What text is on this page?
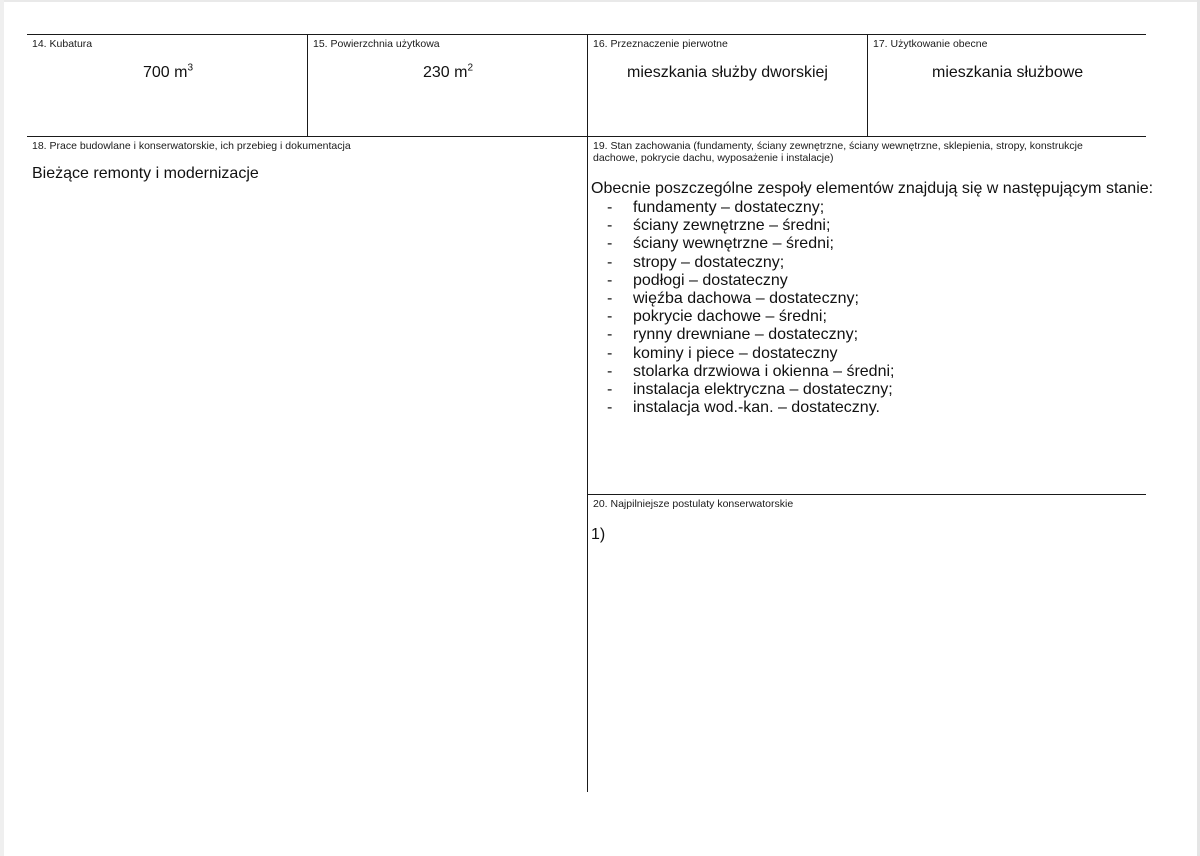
14. Kubatura
700 $m^3$
15. Powierzchnia użytkowa
230 $m^2$
16. Przeznaczenie pierwotne
mieszkania służby dworskiej
17. Użytkowanie obecne
mieszkania służbowe
18. Prace budowlane i konserwatorskie, ich przebieg i dokumentacja
Bieżące remonty i modernizacje
19. Stan zachowania (fundamenty, ściany zewnętrzne, ściany wewnętrzne, sklepienia, stropy, konstrukcje dachowe, pokrycie dachu, wyposażenie i instalacje)
Obecnie poszczególne zespoły elementów znajdują się w następującym stanie:
- fundamenty – dostateczny;
- ściany zewnętrzne – średni;
- ściany wewnętrzne – średni;
- stropy – dostateczny;
- podłogi – dostateczny
- więźba dachowa – dostateczny;
- pokrycie dachowe – średni;
- rynny drewniane – dostateczny;
- kominy i piece – dostateczny
- stolarka drzwiowa i okienna – średni;
- instalacja elektryczna – dostateczny;
- instalacja wod.-kan. – dostateczny.
20. Najpilniejsze postulaty konserwatorskie
1)
